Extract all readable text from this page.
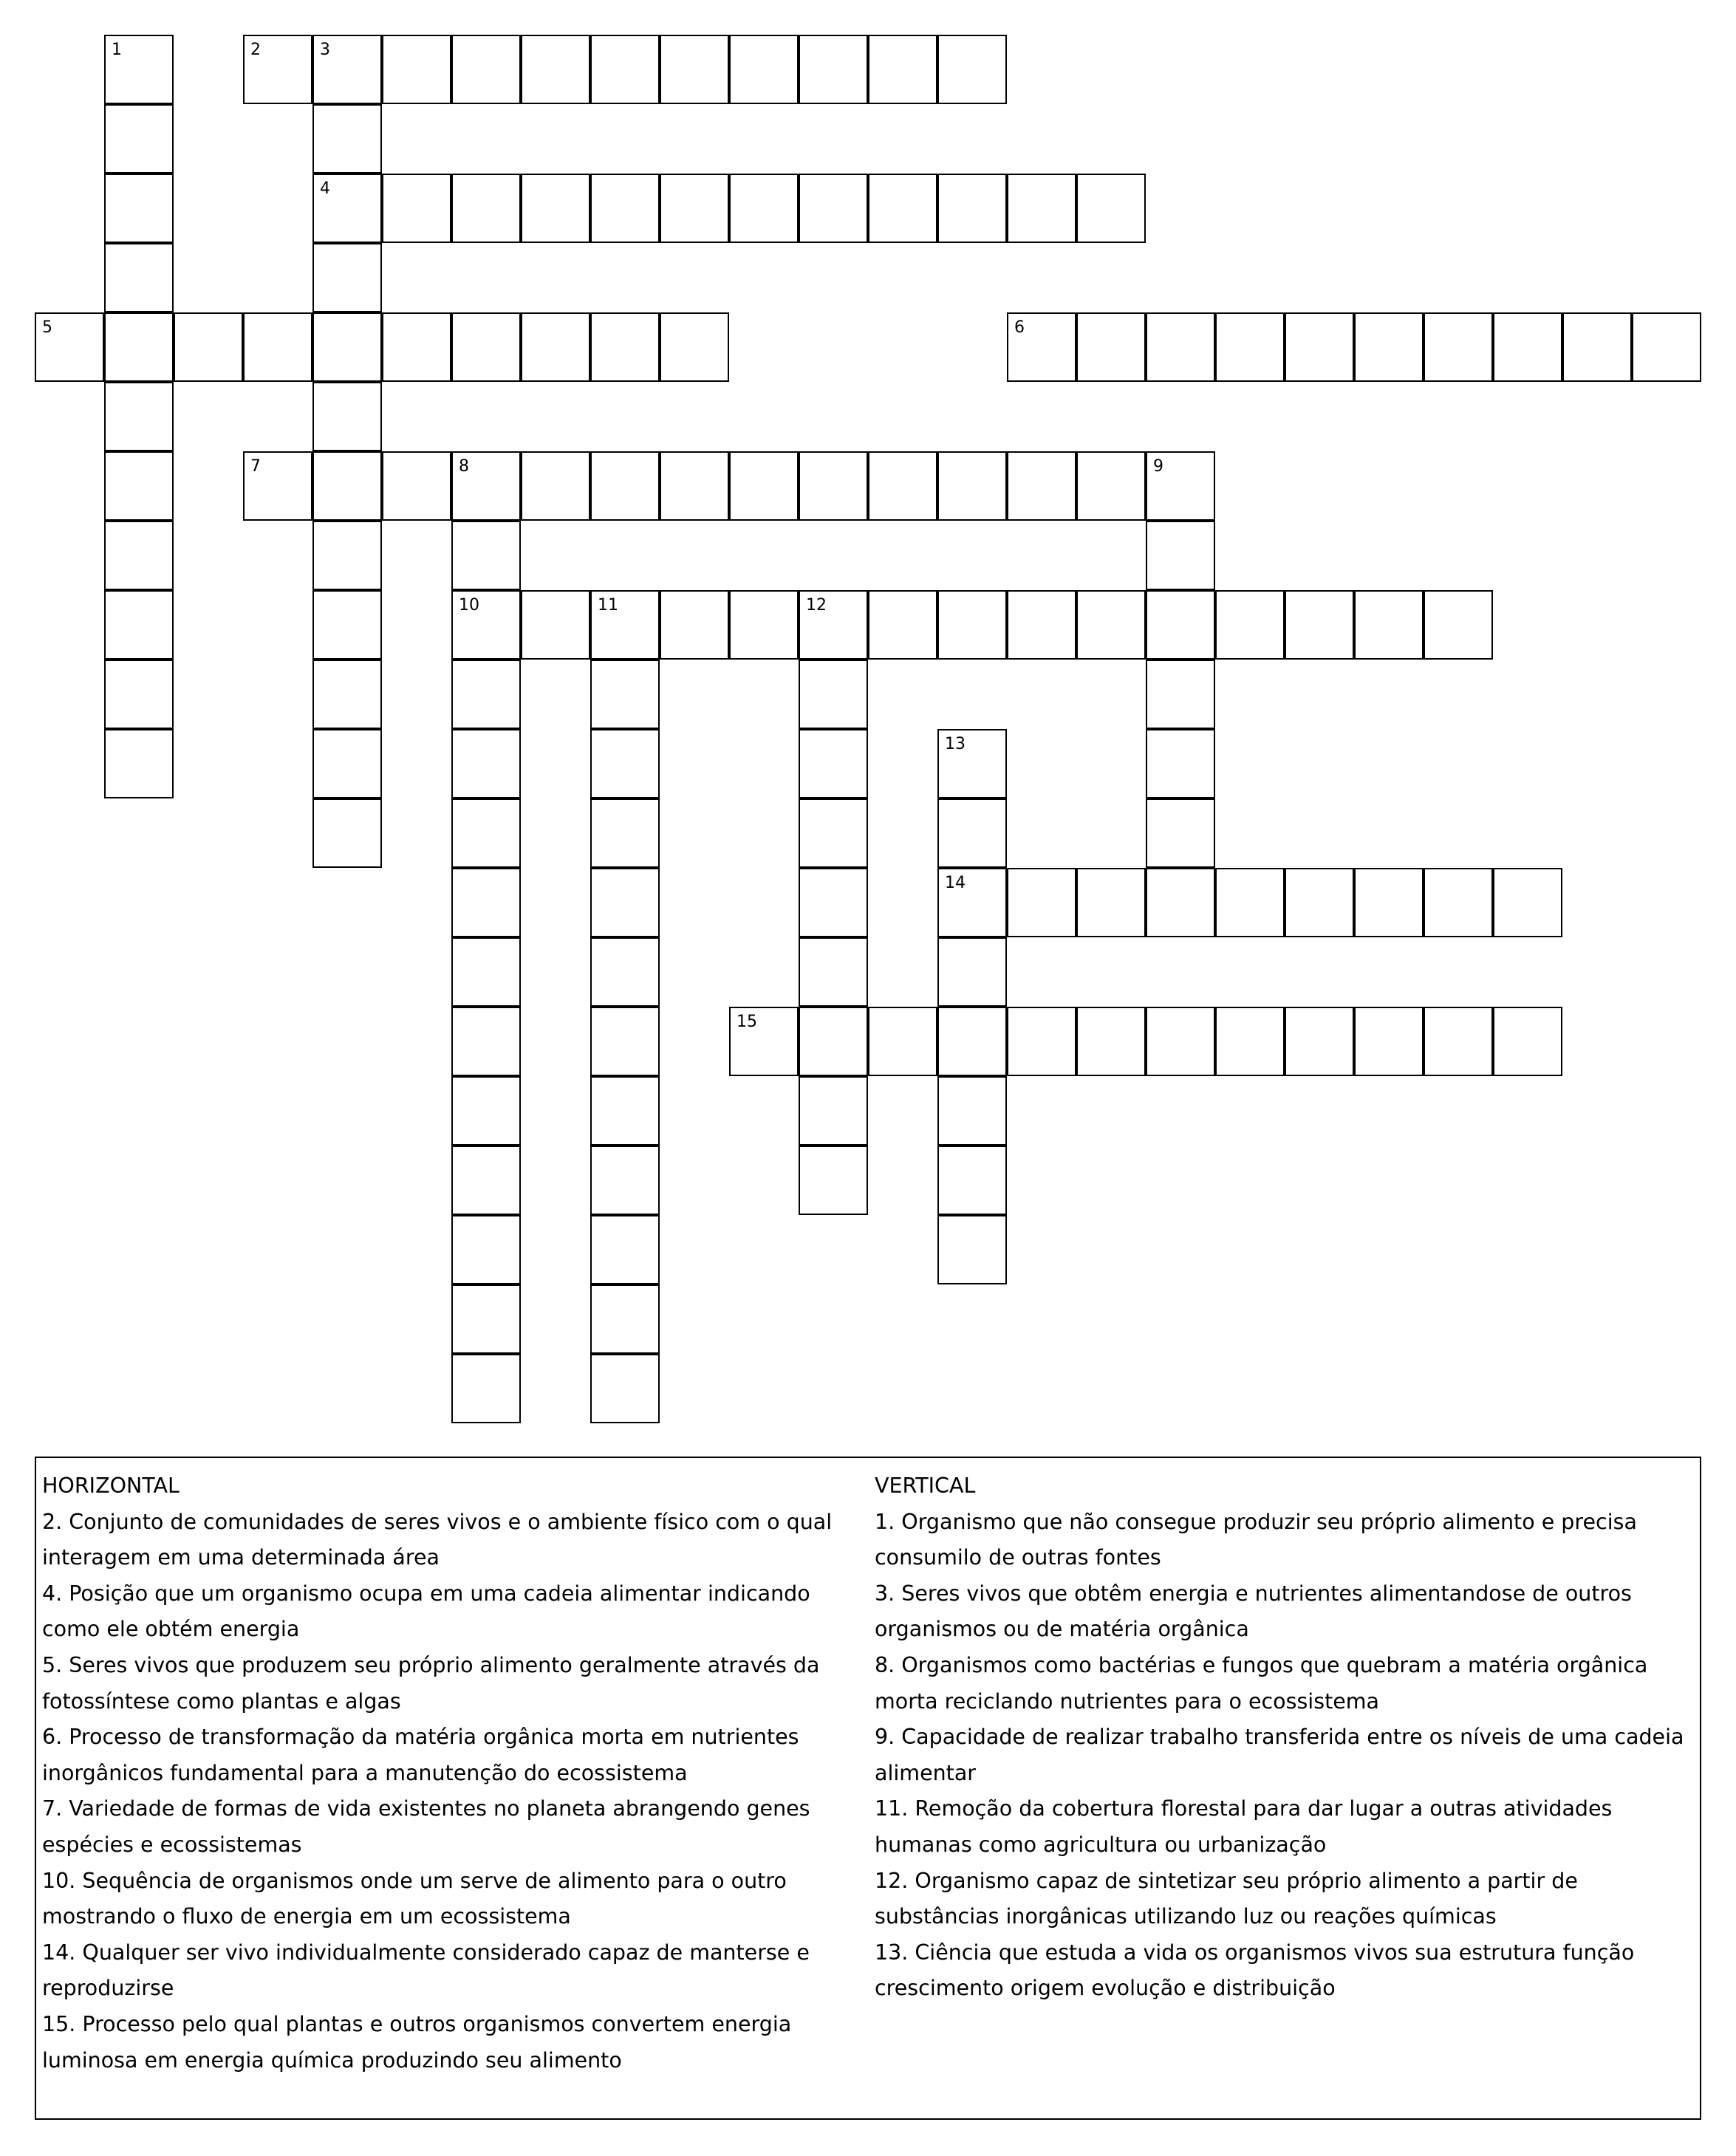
1	2	3
4
5	6
7	8	9
10	11	12
13
14
15
HORIZONTAL
2. Conjunto de comunidades de seres vivos e o ambiente físico com o qual interagem em uma determinada área
4. Posição que um organismo ocupa em uma cadeia alimentar indicando como ele obtém energia
5. Seres vivos que produzem seu próprio alimento geralmente através da fotossíntese como plantas e algas
6. Processo de transformação da matéria orgânica morta em nutrientes inorgânicos fundamental para a manutenção do ecossistema
7. Variedade de formas de vida existentes no planeta abrangendo genes espécies e ecossistemas
10. Sequência de organismos onde um serve de alimento para o outro mostrando o fluxo de energia em um ecossistema
14. Qualquer ser vivo individualmente considerado capaz de manterse e reproduzirse
15. Processo pelo qual plantas e outros organismos convertem energia luminosa em energia química produzindo seu alimento
VERTICAL
1. Organismo que não consegue produzir seu próprio alimento e precisa consumilo de outras fontes
3. Seres vivos que obtêm energia e nutrientes alimentandose de outros organismos ou de matéria orgânica
8. Organismos como bactérias e fungos que quebram a matéria orgânica morta reciclando nutrientes para o ecossistema
9. Capacidade de realizar trabalho transferida entre os níveis de uma cadeia alimentar
11. Remoção da cobertura florestal para dar lugar a outras atividades humanas como agricultura ou urbanização
12. Organismo capaz de sintetizar seu próprio alimento a partir de substâncias inorgânicas utilizando luz ou reações químicas
13. Ciência que estuda a vida os organismos vivos sua estrutura função crescimento origem evolução e distribuição
